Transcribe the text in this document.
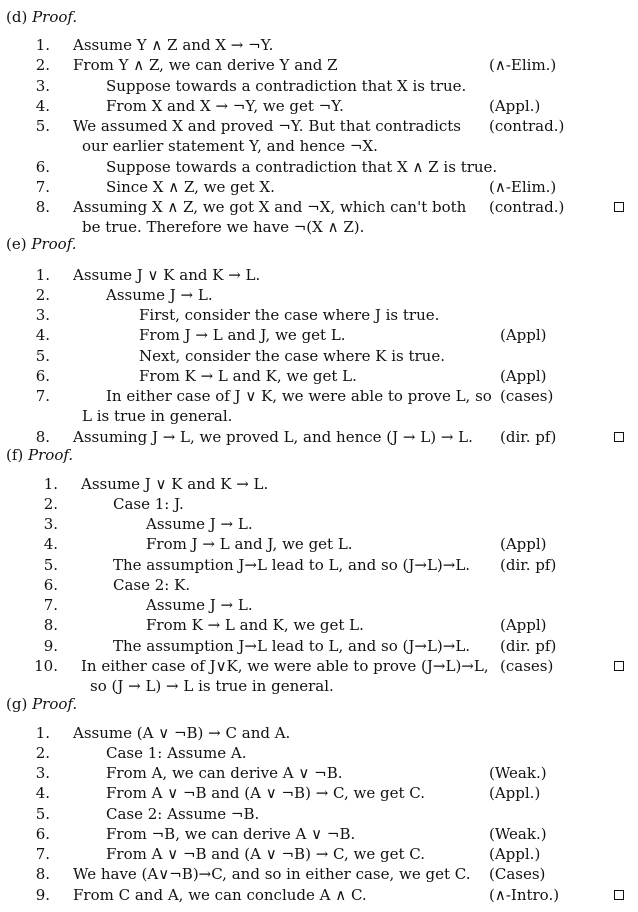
(d) Proof.
1. Assume Y ∧ Z and X → ¬Y.
2. From Y ∧ Z, we can derive Y and Z	(∧-Elim.)
3.	Suppose towards a contradiction that X is true.
4.	From X and X → ¬Y, we get ¬Y.	(Appl.)
5. We assumed X and proved ¬Y. But that contradicts (contrad.)
our earlier statement Y, and hence ¬X.
6.	Suppose towards a contradiction that X ∧ Z is true.
7.	Since X ∧ Z, we get X.	(∧-Elim.)
8. Assuming X ∧ Z, we got X and ¬X, which can't both (contrad.)
be true. Therefore we have ¬(X ∧ Z).
(e) Proof.
1. Assume J ∨ K and K → L.
2.	Assume J → L.
3.	First, consider the case where J is true.
4.	From J → L and J, we get L.	(Appl)
5.	Next, consider the case where K is true.
6.	From K → L and K, we get L.	(Appl)
7.	In either case of J ∨ K, we were able to prove L, so (cases)
L is true in general.
8. Assuming J → L, we proved L, and hence (J → L) → L. (dir. pf)
(f) Proof.
1. Assume J ∨ K and K → L.
2.	Case 1: J.
3.	Assume J → L.
4.	From J → L and J, we get L.	(Appl)
5.	The assumption J→L lead to L, and so (J→L)→L. (dir. pf)
6.	Case 2: K.
7.	Assume J → L.
8.	From K → L and K, we get L.	(Appl)
9.	The assumption J→L lead to L, and so (J→L)→L. (dir. pf)
10. In either case of J∨K, we were able to prove (J→L)→L, (cases)
so (J → L) → L is true in general.
(g) Proof.
1. Assume (A ∨ ¬B) → C and A.
2.	Case 1: Assume A.
3.	From A, we can derive A ∨ ¬B.	(Weak.)
4.	From A ∨ ¬B and (A ∨ ¬B) → C, we get C.	(Appl.)
5.	Case 2: Assume ¬B.
6.	From ¬B, we can derive A ∨ ¬B.	(Weak.)
7.	From A ∨ ¬B and (A ∨ ¬B) → C, we get C.	(Appl.)
8. We have (A∨¬B)→C, and so in either case, we get C. (Cases)
9. From C and A, we can conclude A ∧ C.	(∧-Intro.)
